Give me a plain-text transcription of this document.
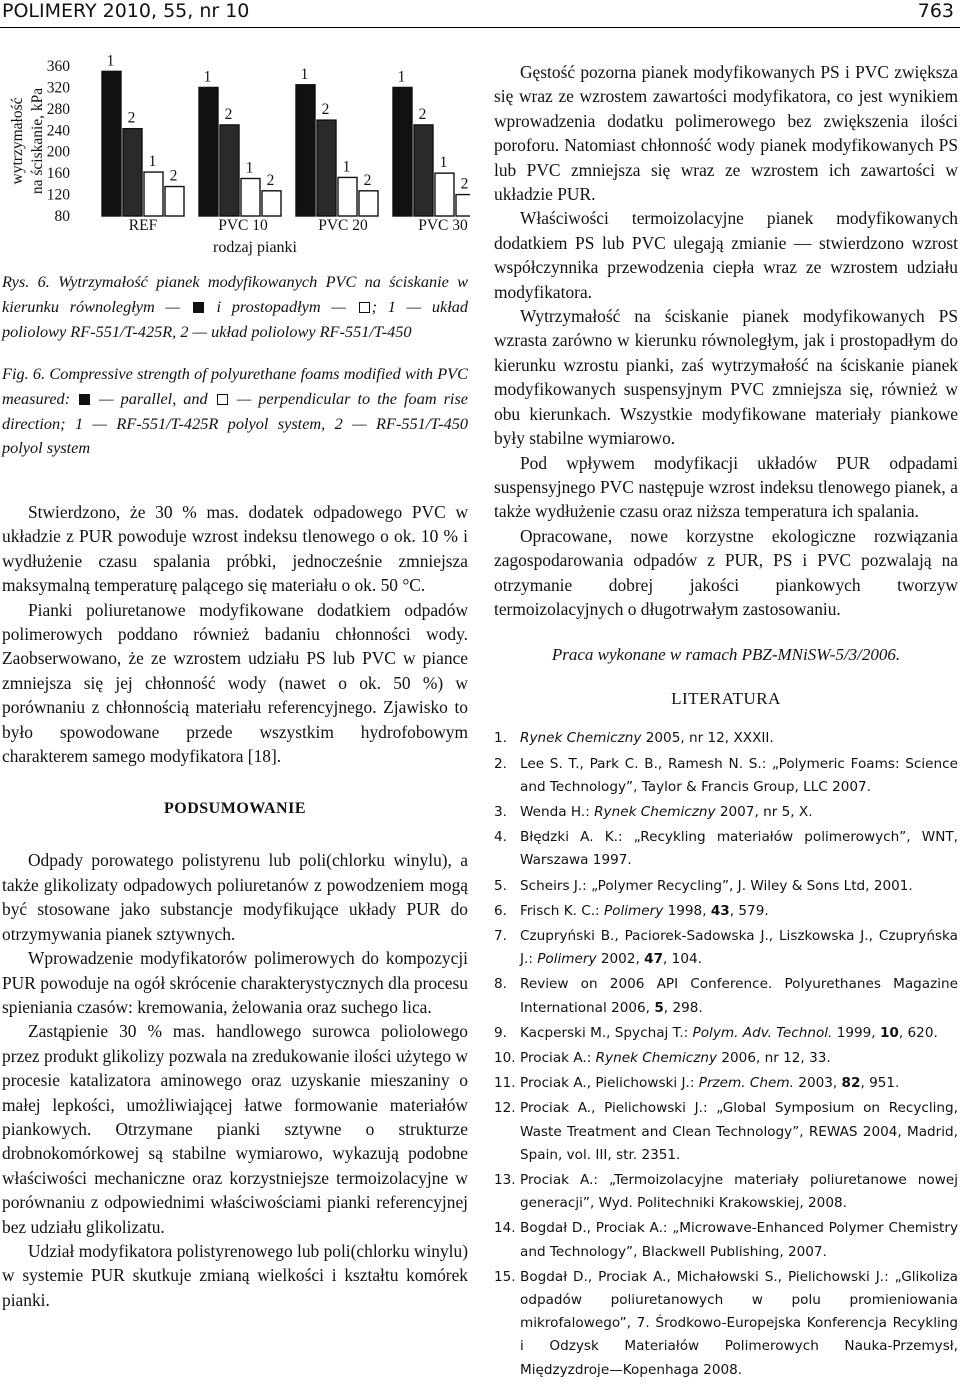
POLIMERY 2010, 55, nr 10	763
wytrzymałość na ściskanie, kPa
360
320
280
240
200
160
120
80
1
2
1
2
1
2
1
2
1
2
1
2
1
2
1
2
REF	PVC 10	PVC 20	PVC 30
rodzaj pianki
Rys. 6. Wytrzymałość pianek modyfikowanych PVC na ściskanie w kierunku równoległym — i prostopadłym — ; 1 — układ poliolowy RF-551/T-425R, 2 — układ poliolowy RF-551/T-450
Fig. 6. Compressive strength of polyurethane foams modified with PVC measured: — parallel, and — perpendicular to the foam rise direction; 1 — RF-551/T-425R polyol system, 2 — RF-551/T-450 polyol system

Stwierdzono, że 30 % mas. dodatek odpadowego PVC w układzie z PUR powoduje wzrost indeksu tlenowego o ok. 10 % i wydłużenie czasu spalania próbki, jednocześnie zmniejsza maksymalną temperaturę palącego się materiału o ok. 50 °C.

Pianki poliuretanowe modyfikowane dodatkiem odpadów polimerowych poddano również badaniu chłonności wody. Zaobserwowano, że ze wzrostem udziału PS lub PVC w piance zmniejsza się jej chłonność wody (nawet o ok. 50 %) w porównaniu z chłonnością materiału referencyjnego. Zjawisko to było spowodowane przede wszystkim hydrofobowym charakterem samego modyfikatora [18].

PODSUMOWANIE

Odpady porowatego polistyrenu lub poli(chlorku winylu), a także glikolizaty odpadowych poliuretanów z powodzeniem mogą być stosowane jako substancje modyfikujące układy PUR do otrzymywania pianek sztywnych.

Wprowadzenie modyfikatorów polimerowych do kompozycji PUR powoduje na ogół skrócenie charakterystycznych dla procesu spieniania czasów: kremowania, żelowania oraz suchego lica.

Zastąpienie 30 % mas. handlowego surowca poliolowego przez produkt glikolizy pozwala na zredukowanie ilości użytego w procesie katalizatora aminowego oraz uzyskanie mieszaniny o małej lepkości, umożliwiającej łatwe formowanie materiałów piankowych. Otrzymane pianki sztywne o strukturze drobnokomórkowej są stabilne wymiarowo, wykazują podobne właściwości mechaniczne oraz korzystniejsze termoizolacyjne w porównaniu z odpowiednimi właściwościami pianki referencyjnej bez udziału glikolizatu.

Udział modyfikatora polistyrenowego lub poli(chlorku winylu) w systemie PUR skutkuje zmianą wielkości i kształtu komórek pianki.

Gęstość pozorna pianek modyfikowanych PS i PVC zwiększa się wraz ze wzrostem zawartości modyfikatora, co jest wynikiem wprowadzenia dodatku polimerowego bez zwiększenia ilości poroforu. Natomiast chłonność wody pianek modyfikowanych PS lub PVC zmniejsza się wraz ze wzrostem ich zawartości w układzie PUR.

Właściwości termoizolacyjne pianek modyfikowanych dodatkiem PS lub PVC ulegają zmianie — stwierdzono wzrost współczynnika przewodzenia ciepła wraz ze wzrostem udziału modyfikatora.

Wytrzymałość na ściskanie pianek modyfikowanych PS wzrasta zarówno w kierunku równoległym, jak i prostopadłym do kierunku wzrostu pianki, zaś wytrzymałość na ściskanie pianek modyfikowanych suspensyjnym PVC zmniejsza się, również w obu kierunkach. Wszystkie modyfikowane materiały piankowe były stabilne wymiarowo.

Pod wpływem modyfikacji układów PUR odpadami suspensyjnego PVC następuje wzrost indeksu tlenowego pianek, a także wydłużenie czasu oraz niższa temperatura ich spalania.

Opracowane, nowe korzystne ekologiczne rozwiązania zagospodarowania odpadów z PUR, PS i PVC pozwalają na otrzymanie dobrej jakości piankowych tworzyw termoizolacyjnych o długotrwałym zastosowaniu.

Praca wykonane w ramach PBZ-MNiSW-5/3/2006.
LITERATURA
1. Rynek Chemiczny 2005, nr 12, XXXII.
2. Lee S. T., Park C. B., Ramesh N. S.: „Polymeric Foams: Science and Technology”, Taylor & Francis Group, LLC 2007.
3. Wenda H.: Rynek Chemiczny 2007, nr 5, X.
4. Błędzki A. K.: „Recykling materiałów polimerowych”, WNT, Warszawa 1997.
5. Scheirs J.: „Polymer Recycling”, J. Wiley & Sons Ltd, 2001.
6. Frisch K. C.: Polimery 1998, 43, 579.
7. Czupryński B., Paciorek-Sadowska J., Liszkowska J., Czupryńska J.: Polimery 2002, 47, 104.
8. Review on 2006 API Conference. Polyurethanes Magazine International 2006, 5, 298.
9. Kacperski M., Spychaj T.: Polym. Adv. Technol. 1999, 10, 620.
10. Prociak A.: Rynek Chemiczny 2006, nr 12, 33.
11. Prociak A., Pielichowski J.: Przem. Chem. 2003, 82, 951.
12. Prociak A., Pielichowski J.: „Global Symposium on Recycling, Waste Treatment and Clean Technology”, REWAS 2004, Madrid, Spain, vol. III, str. 2351.
13. Prociak A.: „Termoizolacyjne materiały poliuretanowe nowej generacji”, Wyd. Politechniki Krakowskiej, 2008.
14. Bogdał D., Prociak A.: „Microwave-Enhanced Polymer Chemistry and Technology”, Blackwell Publishing, 2007.
15. Bogdał D., Prociak A., Michałowski S., Pielichowski J.: „Glikoliza odpadów poliuretanowych w polu promieniowania mikrofalowego”, 7. Środkowo-Europejska Konferencja Recykling i Odzysk Materiałów Polimerowych Nauka-Przemysł, Międzyzdroje—Kopenhaga 2008.
